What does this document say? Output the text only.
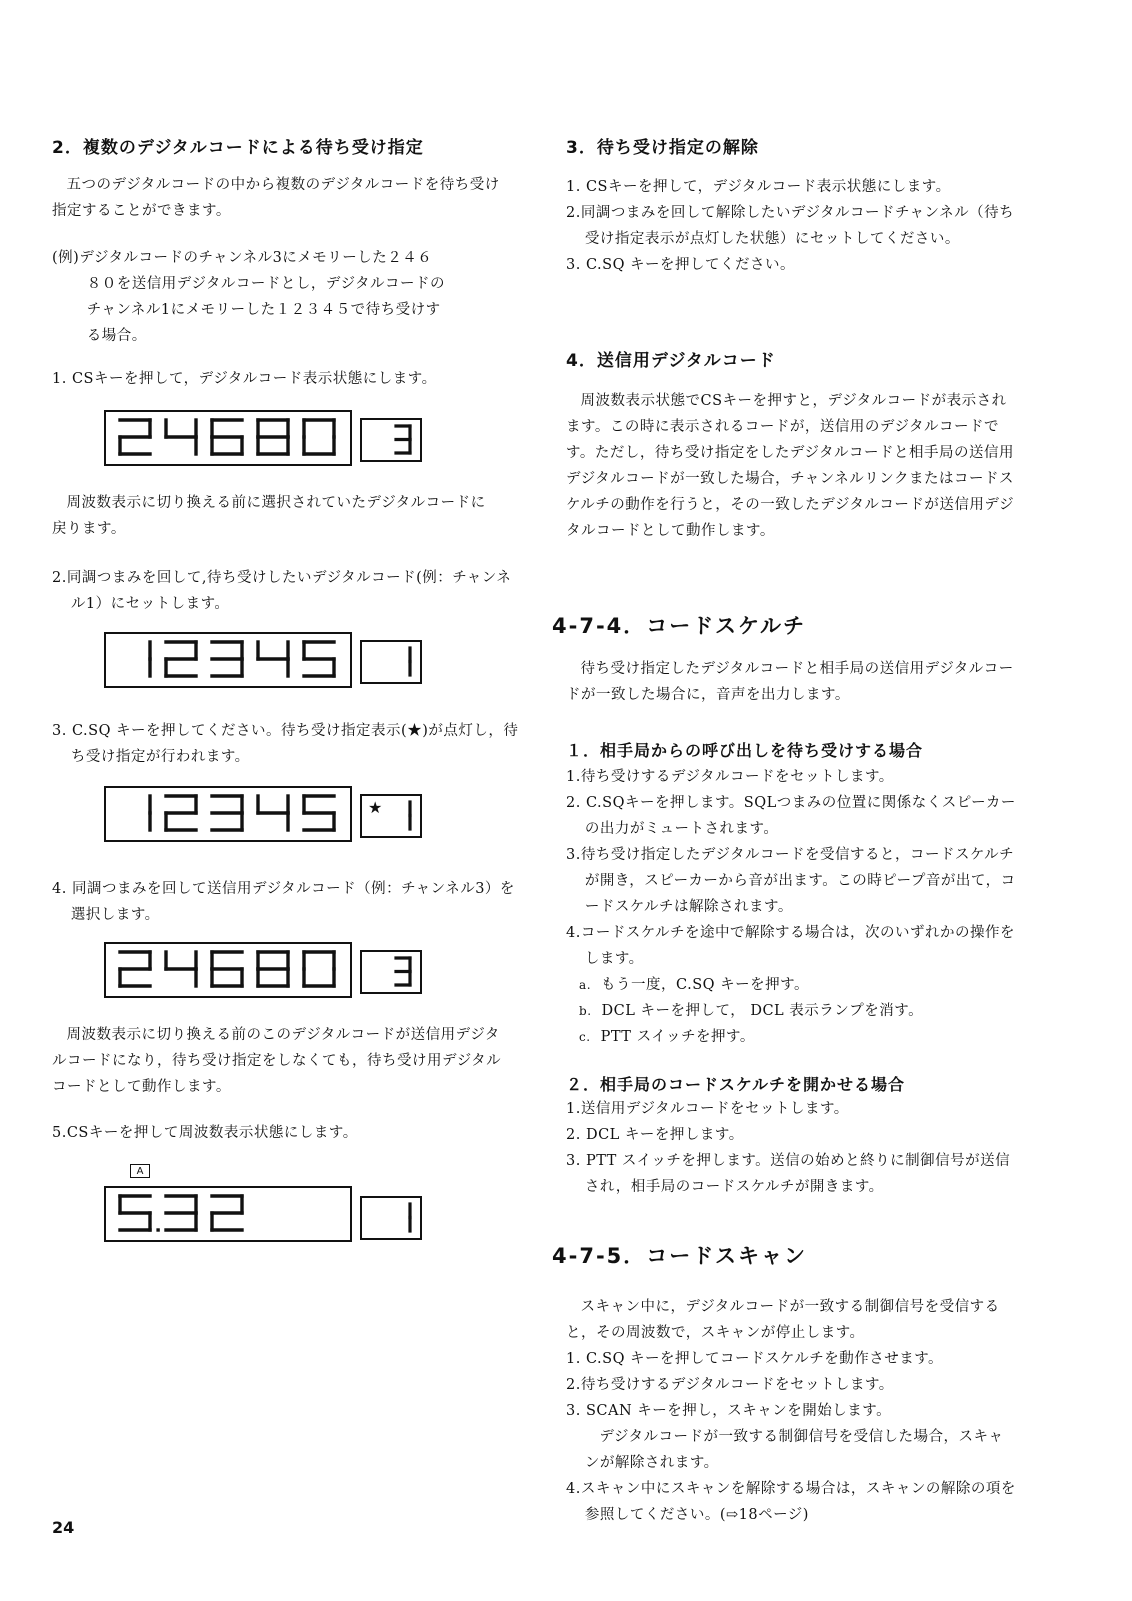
2．複数のデジタルコードによる待ち受け指定
五つのデジタルコードの中から複数のデジタルコードを待ち受け指定することができます。

(例)デジタルコードのチャンネル3にメモリーした２４６

８０を送信用デジタルコードとし，デジタルコードの

チャンネル1にメモリーした１２３４５で待ち受けす

る場合。

1. CSキーを押して，デジタルコード表示状態にします。
周波数表示に切り換える前に選択されていたデジタルコードに戻ります。
2.同調つまみを回して,待ち受けしたいデジタルコード(例：チャンネル1）にセットします。
3. C.SQ キーを押してください。待ち受け指定表示(★)が点灯し，待ち受け指定が行われます。
★
4. 同調つまみを回して送信用デジタルコード（例：チャンネル3）を選択します。
周波数表示に切り換える前のこのデジタルコードが送信用デジタルコードになり，待ち受け指定をしなくても，待ち受け用デジタルコードとして動作します。
5.CSキーを押して周波数表示状態にします。
A
3．待ち受け指定の解除

1. CSキーを押して，デジタルコード表示状態にします。

2.同調つまみを回して解除したいデジタルコードチャンネル（待ち受け指定表示が点灯した状態）にセットしてください。

3. C.SQ キーを押してください。

4．送信用デジタルコード
周波数表示状態でCSキーを押すと，デジタルコードが表示されます。この時に表示されるコードが，送信用のデジタルコードです。ただし，待ち受け指定をしたデジタルコードと相手局の送信用デジタルコードが一致した場合，チャンネルリンクまたはコードスケルチの動作を行うと，その一致したデジタルコードが送信用デジタルコードとして動作します。
4-7-4．コードスケルチ
待ち受け指定したデジタルコードと相手局の送信用デジタルコードが一致した場合に，音声を出力します。
１．相手局からの呼び出しを待ち受けする場合

1.待ち受けするデジタルコードをセットします。

2. C.SQキーを押します。SQLつまみの位置に関係なくスピーカーの出力がミュートされます。

3.待ち受け指定したデジタルコードを受信すると，コードスケルチが開き，スピーカーから音が出ます。この時ピープ音が出て，コードスケルチは解除されます。

4.コードスケルチを途中で解除する場合は，次のいずれかの操作をします。

a. もう一度，C.SQ キーを押す。

b. DCL キーを押して， DCL 表示ランプを消す。

c. PTT スイッチを押す。

２．相手局のコードスケルチを開かせる場合

1.送信用デジタルコードをセットします。

2. DCL キーを押します。

3. PTT スイッチを押します。送信の始めと終りに制御信号が送信され，相手局のコードスケルチが開きます。

4-7-5．コードスキャン

スキャン中に，デジタルコードが一致する制御信号を受信すると，その周波数で，スキャンが停止します。

1. C.SQ キーを押してコードスケルチを動作させます。

2.待ち受けするデジタルコードをセットします。

3. SCAN キーを押し，スキャンを開始します。

デジタルコードが一致する制御信号を受信した場合，スキャンが解除されます。

4.スキャン中にスキャンを解除する場合は，スキャンの解除の項を参照してください。(⇨18ページ)

24
